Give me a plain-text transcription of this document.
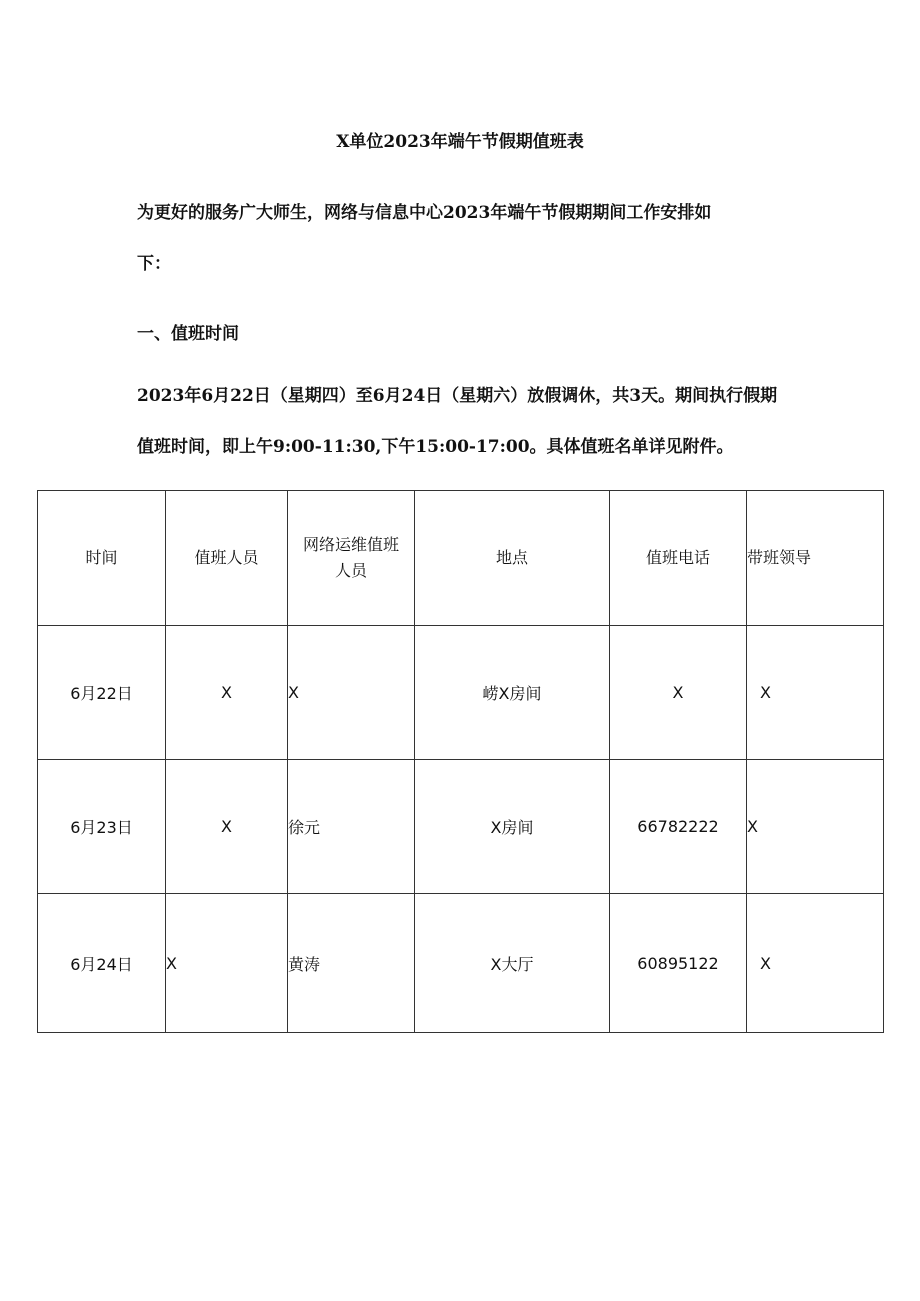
X单位2023年端午节假期值班表
为更好的服务广大师生，网络与信息中心2023年端午节假期期间工作安排如
下：
一、值班时间
2023年6月22日（星期四）至6月24日（星期六）放假调休，共3天。期间执行假期
值班时间，即上午9:00-11:30,下午15:00-17:00。具体值班名单详见附件。
时间	值班人员	网络运维值班人员	地点	值班电话	带班领导
6月22日	X	X	崂X房间	X	X
6月23日	X	徐元	X房间	66782222	X
6月24日	X	黄涛	X大厅	60895122	X
